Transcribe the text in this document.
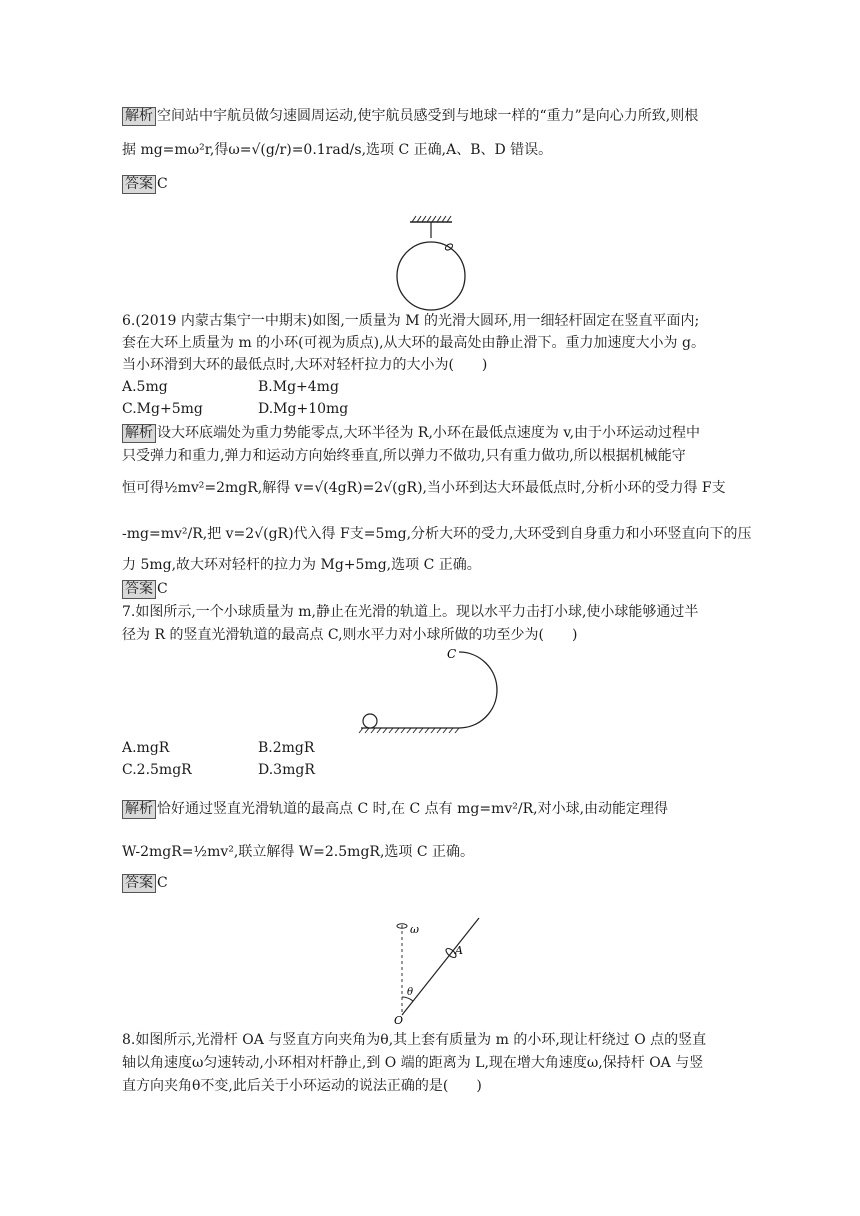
解析 空间站中宇航员做匀速圆周运动,使宇航员感受到与地球一样的“重力”是向心力所致,则根
据 mg=mω²r,得ω=√(g/r)=0.1rad/s,选项 C 正确,A、B、D 错误。
答案 C
6.(2019 内蒙古集宁一中期末)如图,一质量为 M 的光滑大圆环,用一细轻杆固定在竖直平面内;
套在大环上质量为 m 的小环(可视为质点),从大环的最高处由静止滑下。重力加速度大小为 g。
当小环滑到大环的最低点时,大环对轻杆拉力的大小为(　　)
A.5mg	B.Mg+4mg
C.Mg+5mg	D.Mg+10mg
解析 设大环底端处为重力势能零点,大环半径为 R,小环在最低点速度为 v,由于小环运动过程中
只受弹力和重力,弹力和运动方向始终垂直,所以弹力不做功,只有重力做功,所以根据机械能守
恒可得½mv²=2mgR,解得 v=√(4gR)=2√(gR),当小环到达大环最低点时,分析小环的受力得 F支
-mg=mv²/R,把 v=2√(gR)代入得 F支=5mg,分析大环的受力,大环受到自身重力和小环竖直向下的压
力 5mg,故大环对轻杆的拉力为 Mg+5mg,选项 C 正确。
答案 C
7.如图所示,一个小球质量为 m,静止在光滑的轨道上。现以水平力击打小球,使小球能够通过半
径为 R 的竖直光滑轨道的最高点 C,则水平力对小球所做的功至少为(　　)
C
A.mgR	B.2mgR
C.2.5mgR	D.3mgR
解析 恰好通过竖直光滑轨道的最高点 C 时,在 C 点有 mg=mv²/R,对小球,由动能定理得
W-2mgR=½mv²,联立解得 W=2.5mgR,选项 C 正确。
答案 C
ω
A
θ
O
8.如图所示,光滑杆 OA 与竖直方向夹角为θ,其上套有质量为 m 的小环,现让杆绕过 O 点的竖直
轴以角速度ω匀速转动,小环相对杆静止,到 O 端的距离为 L,现在增大角速度ω,保持杆 OA 与竖
直方向夹角θ不变,此后关于小环运动的说法正确的是(　　)
